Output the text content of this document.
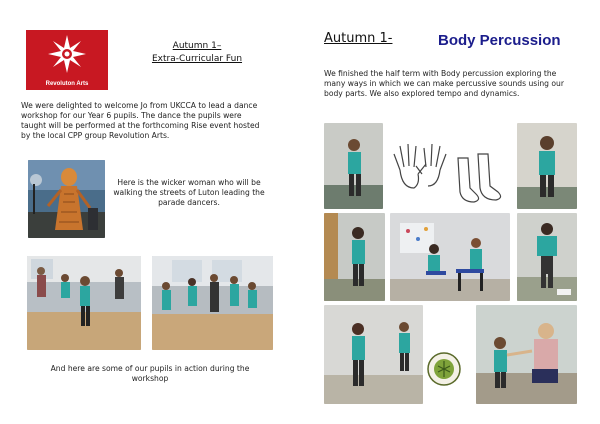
Revoluton Arts
Autumn 1–
Extra-Curricular Fun
We were delighted to welcome Jo from UKCCA to lead a dance workshop for our Year 6 pupils. The dance the pupils were taught will be performed at the forthcoming Rise event hosted by the local CPP group Revolution Arts.
Here is the wicker woman who will be walking the streets of Luton leading the parade dancers.
And here are some of our pupils in action during the workshop
Autumn 1-	Body Percussion
We finished the half term with Body percussion exploring the many ways in which we can make percussive sounds using our body parts. We also explored tempo and dynamics.
